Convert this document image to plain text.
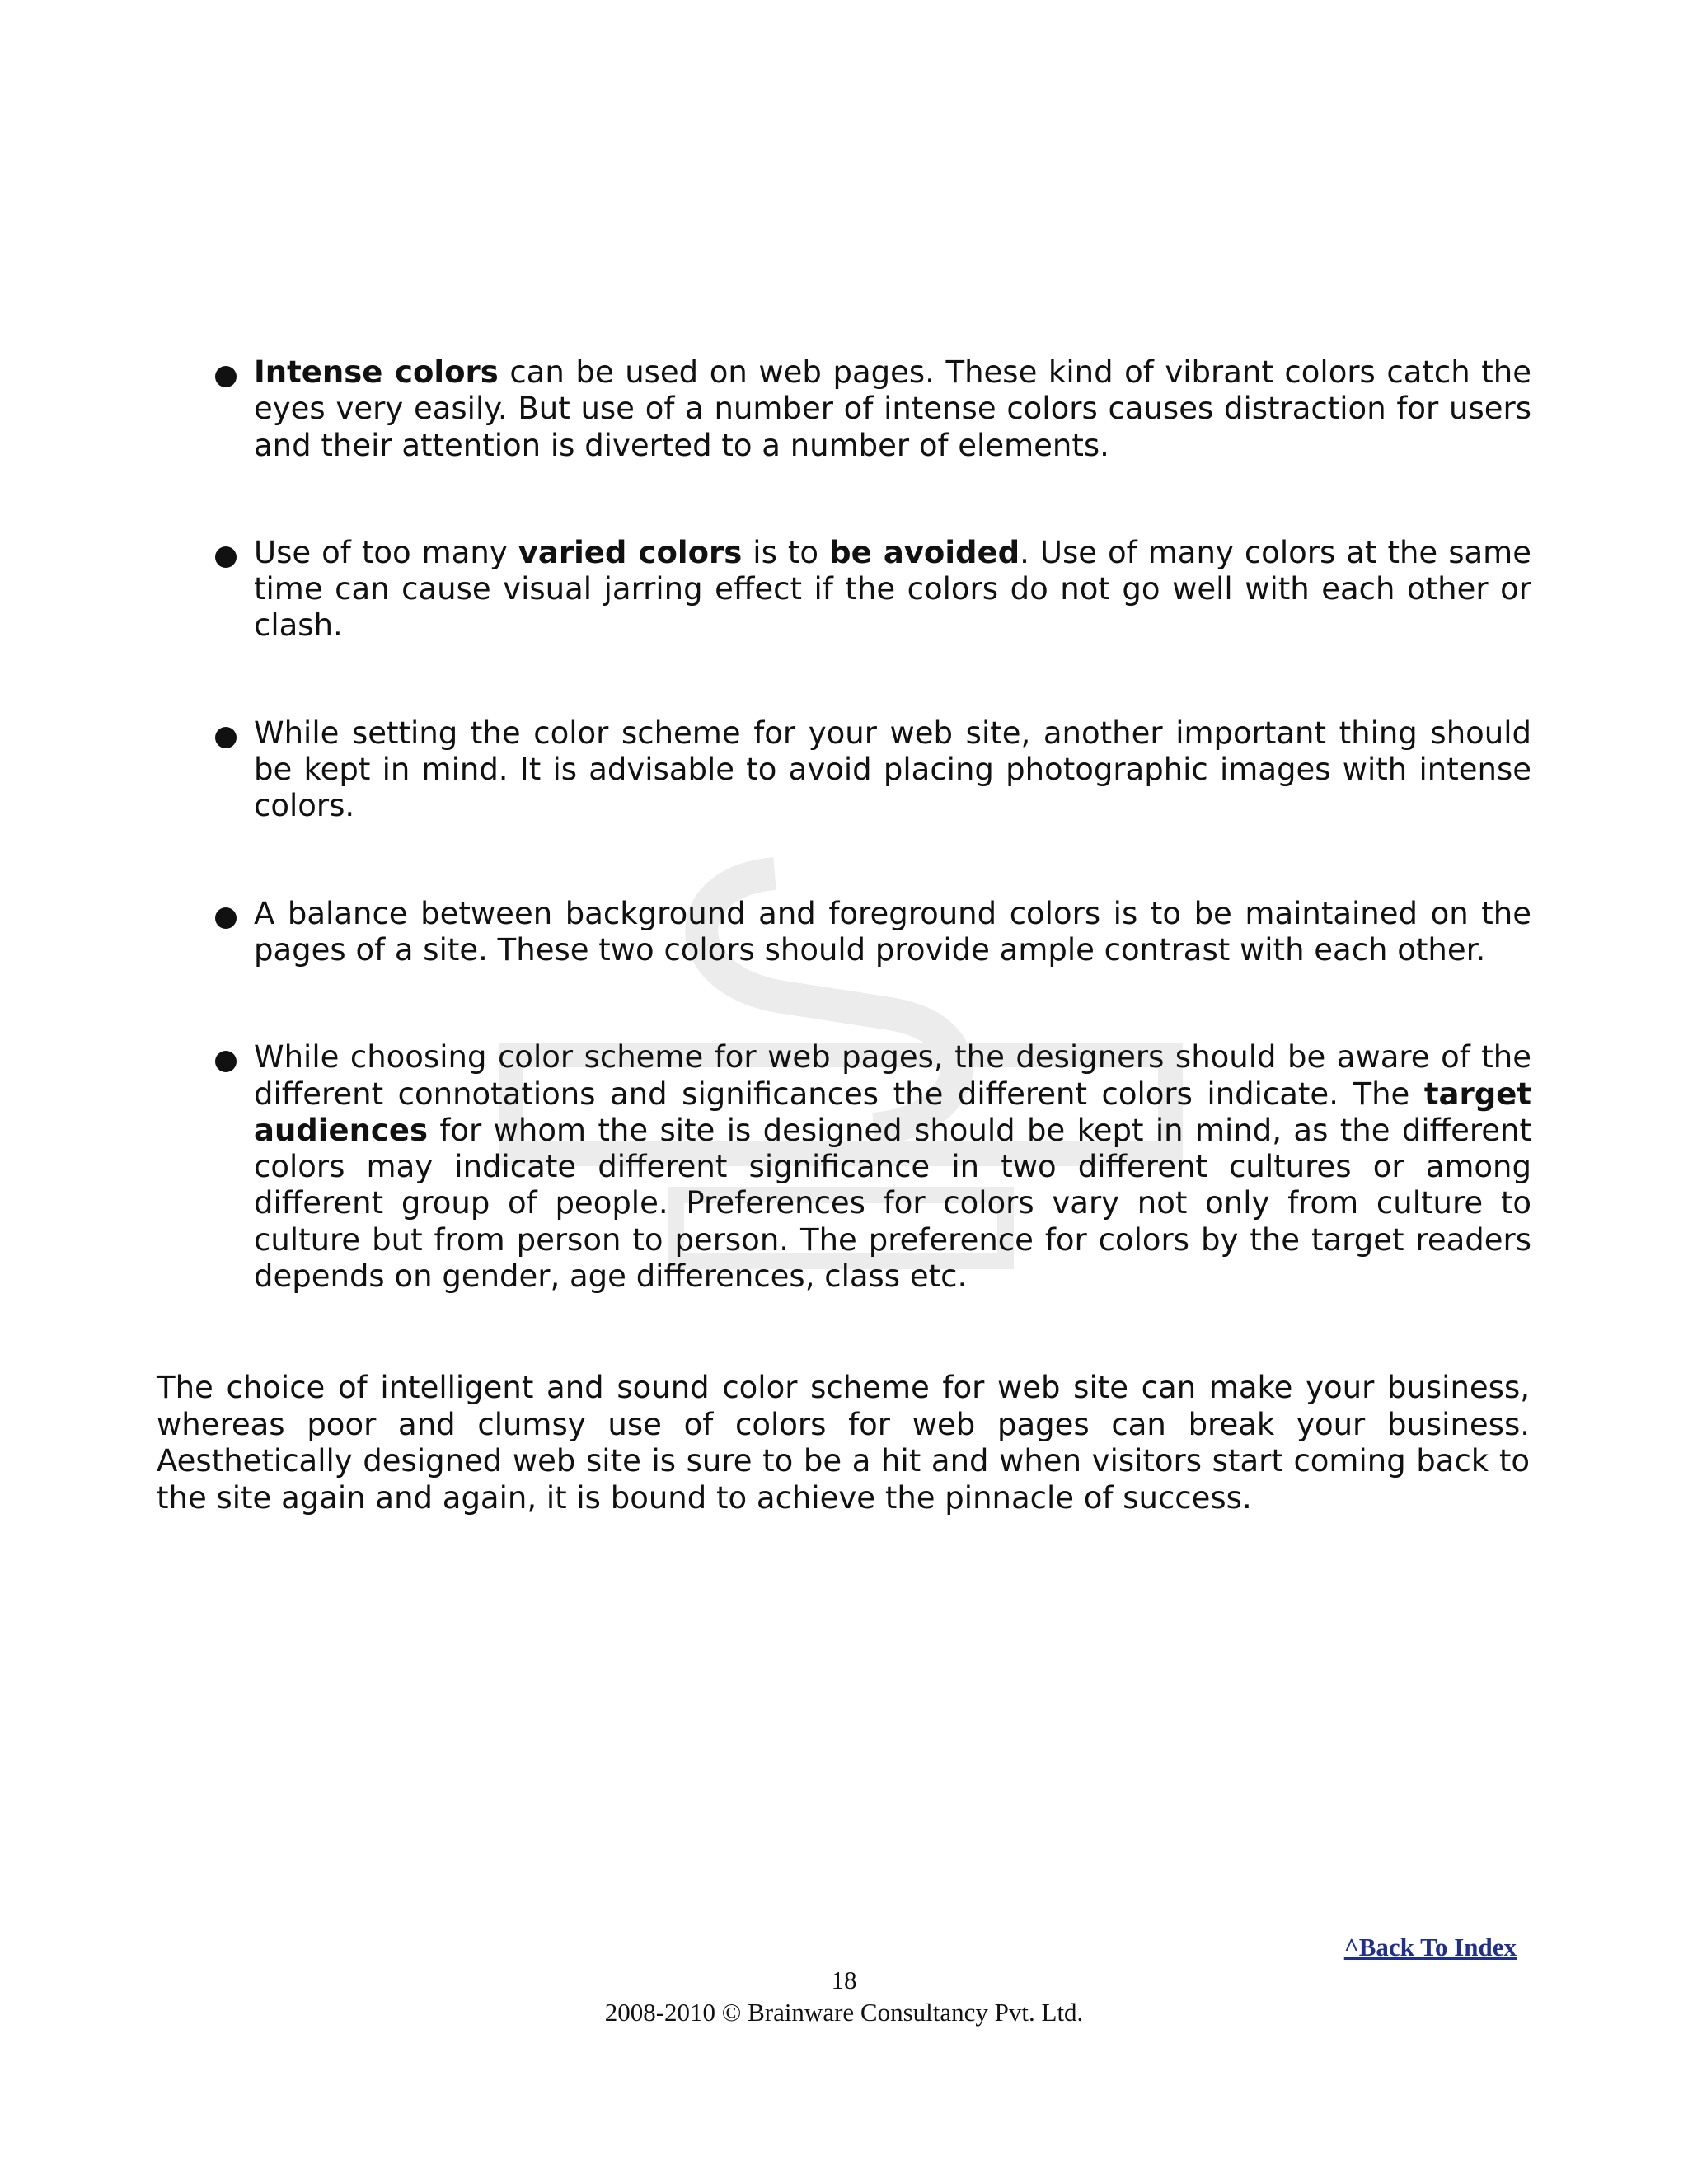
Intense colors can be used on web pages. These kind of vibrant colors catch the eyes very easily. But use of a number of intense colors causes distraction for users and their attention is diverted to a number of elements.
Use of too many varied colors is to be avoided. Use of many colors at the same time can cause visual jarring effect if the colors do not go well with each other or clash.
While setting the color scheme for your web site, another important thing should be kept in mind. It is advisable to avoid placing photographic images with intense colors.
A balance between background and foreground colors is to be maintained on the pages of a site. These two colors should provide ample contrast with each other.
While choosing color scheme for web pages, the designers should be aware of the different connotations and significances the different colors indicate. The target audiences for whom the site is designed should be kept in mind, as the different colors may indicate different significance in two different cultures or among different group of people. Preferences for colors vary not only from culture to culture but from person to person. The preference for colors by the target readers depends on gender, age differences, class etc.

The choice of intelligent and sound color scheme for web site can make your business, whereas poor and clumsy use of colors for web pages can break your business. Aesthetically designed web site is sure to be a hit and when visitors start coming back to the site again and again, it is bound to achieve the pinnacle of success.

^Back To Index
18
2008-2010 © Brainware Consultancy Pvt. Ltd.
